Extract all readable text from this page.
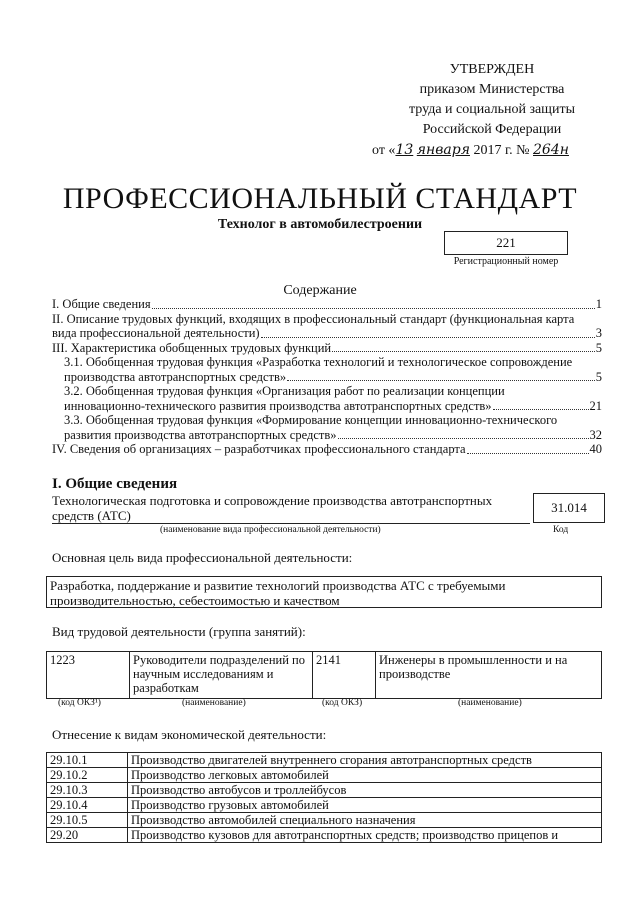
УТВЕРЖДЕН
приказом Министерства
труда и социальной защиты
Российской Федерации
от «13 января 2017 г. № 264н
ПРОФЕССИОНАЛЬНЫЙ СТАНДАРТ
Технолог в автомобилестроении
221
Регистрационный номер
Содержание
I. Общие сведения	1
II. Описание трудовых функций, входящих в профессиональный стандарт (функциональная карта
вида профессиональной деятельности)	3
III. Характеристика обобщенных трудовых функций	5
3.1. Обобщенная трудовая функция «Разработка технологий и технологическое сопровождение
производства автотранспортных средств»	5
3.2. Обобщенная трудовая функция «Организация работ по реализации концепции
инновационно-технического развития производства автотранспортных средств»	21
3.3. Обобщенная трудовая функция «Формирование концепции инновационно-технического
развития производства автотранспортных средств»	32
IV. Сведения об организациях – разработчиках профессионального стандарта	40
I. Общие сведения
Технологическая подготовка и сопровождение производства автотранспортных средств (АТС)
31.014
(наименование вида профессиональной деятельности)	Код
Основная цель вида профессиональной деятельности:
Разработка, поддержание и развитие технологий производства АТС с требуемыми производительностью, себестоимостью и качеством
Вид трудовой деятельности (группа занятий):
1223	Руководители подразделений по научным исследованиям и разработкам	2141	Инженеры в промышленности и на производстве
(код ОКЗ¹)	(наименование)	(код ОКЗ)	(наименование)
Отнесение к видам экономической деятельности:
29.10.1	Производство двигателей внутреннего сгорания автотранспортных средств
29.10.2	Производство легковых автомобилей
29.10.3	Производство автобусов и троллейбусов
29.10.4	Производство грузовых автомобилей
29.10.5	Производство автомобилей специального назначения
29.20	Производство кузовов для автотранспортных средств; производство прицепов и
